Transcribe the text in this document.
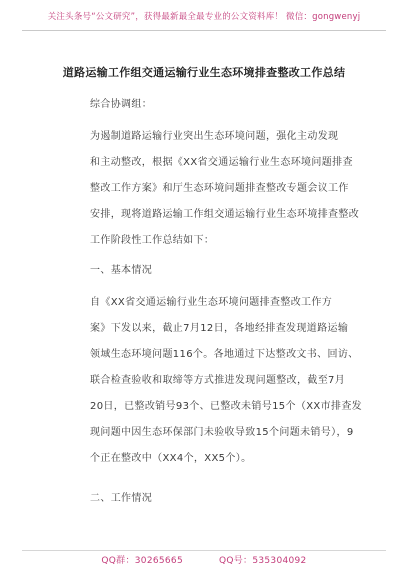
关注头条号“公文研究”，获得最新最全最专业的公文资料库！ 微信：gongwenyj
道路运输工作组交通运输行业生态环境排查整改工作总结
综合协调组：
为遏制道路运输行业突出生态环境问题，强化主动发现
和主动整改，根据《XX省交通运输行业生态环境问题排查
整改工作方案》和厅生态环境问题排查整改专题会议工作
安排，现将道路运输工作组交通运输行业生态环境排查整改
工作阶段性工作总结如下：
一、基本情况
自《XX省交通运输行业生态环境问题排查整改工作方
案》下发以来，截止7月12日，各地经排查发现道路运输
领域生态环境问题116个。各地通过下达整改文书、回访、
联合检查验收和取缔等方式推进发现问题整改，截至7月
20日，已整改销号93个、已整改未销号15个（XX市排查发
现问题中因生态环保部门未验收导致15个问题未销号），9
个正在整改中（XX4个，XX5个）。
二、工作情况
QQ群：30265665	QQ号：535304092
